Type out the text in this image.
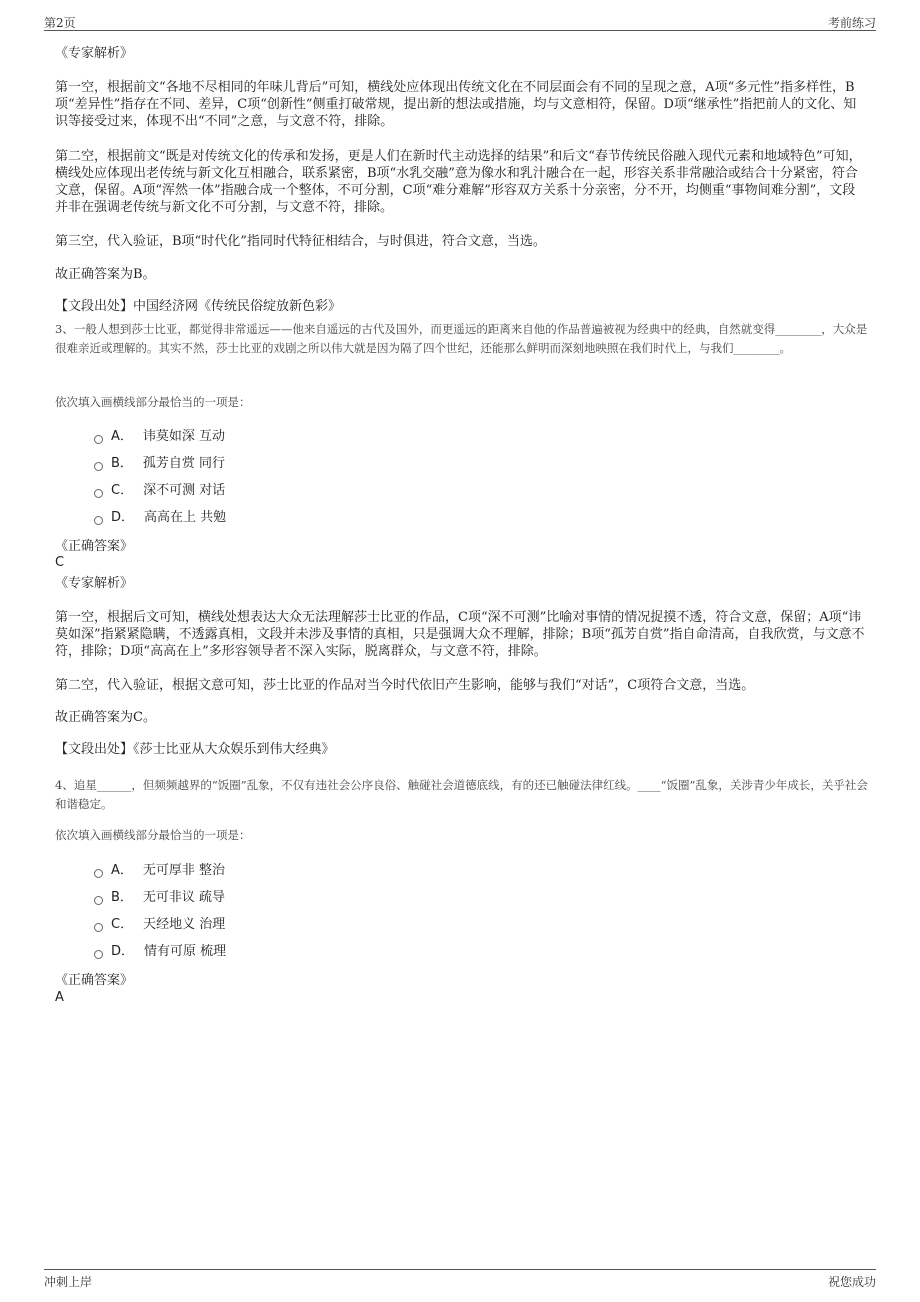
第2页	考前练习
《专家解析》

第一空，根据前文“各地不尽相同的年味儿背后”可知，横线处应体现出传统文化在不同层面会有不同的呈现之意，A项“多元性”指多样性，B项“差异性”指存在不同、差异，C项“创新性”侧重打破常规，提出新的想法或措施，均与文意相符，保留。D项“继承性”指把前人的文化、知识等接受过来，体现不出“不同”之意，与文意不符，排除。

第二空，根据前文“既是对传统文化的传承和发扬，更是人们在新时代主动选择的结果”和后文“春节传统民俗融入现代元素和地域特色”可知，横线处应体现出老传统与新文化互相融合，联系紧密，B项“水乳交融”意为像水和乳汁融合在一起，形容关系非常融洽或结合十分紧密，符合文意，保留。A项“浑然一体”指融合成一个整体，不可分割，C项“难分难解”形容双方关系十分亲密，分不开，均侧重“事物间难分割”，文段并非在强调老传统与新文化不可分割，与文意不符，排除。

第三空，代入验证，B项“时代化”指同时代特征相结合，与时俱进，符合文意，当选。

故正确答案为B。

【文段出处】中国经济网《传统民俗绽放新色彩》

3、一般人想到莎士比亚，都觉得非常遥远——他来自遥远的古代及国外，而更遥远的距离来自他的作品普遍被视为经典中的经典，自然就变得________，大众是很难亲近或理解的。其实不然，莎士比亚的戏剧之所以伟大就是因为隔了四个世纪，还能那么鲜明而深刻地映照在我们时代上，与我们________。

依次填入画横线部分最恰当的一项是：

A． 讳莫如深 互动
B． 孤芳自赏 同行
C． 深不可测 对话
D． 高高在上 共勉
《正确答案》
C
《专家解析》

第一空，根据后文可知，横线处想表达大众无法理解莎士比亚的作品，C项“深不可测”比喻对事情的情况捉摸不透，符合文意，保留；A项“讳莫如深”指紧紧隐瞒，不透露真相，文段并未涉及事情的真相，只是强调大众不理解，排除；B项“孤芳自赏”指自命清高，自我欣赏，与文意不符，排除；D项“高高在上”多形容领导者不深入实际，脱离群众，与文意不符，排除。

第二空，代入验证，根据文意可知，莎士比亚的作品对当今时代依旧产生影响，能够与我们“对话”，C项符合文意，当选。

故正确答案为C。

【文段出处】《莎士比亚从大众娱乐到伟大经典》

4、追星______，但频频越界的“饭圈”乱象，不仅有违社会公序良俗、触碰社会道德底线，有的还已触碰法律红线。____“饭圈”乱象，关涉青少年成长，关乎社会和谐稳定。

依次填入画横线部分最恰当的一项是：

A． 无可厚非 整治
B． 无可非议 疏导
C． 天经地义 治理
D． 情有可原 梳理
《正确答案》
A
冲刺上岸	祝您成功
